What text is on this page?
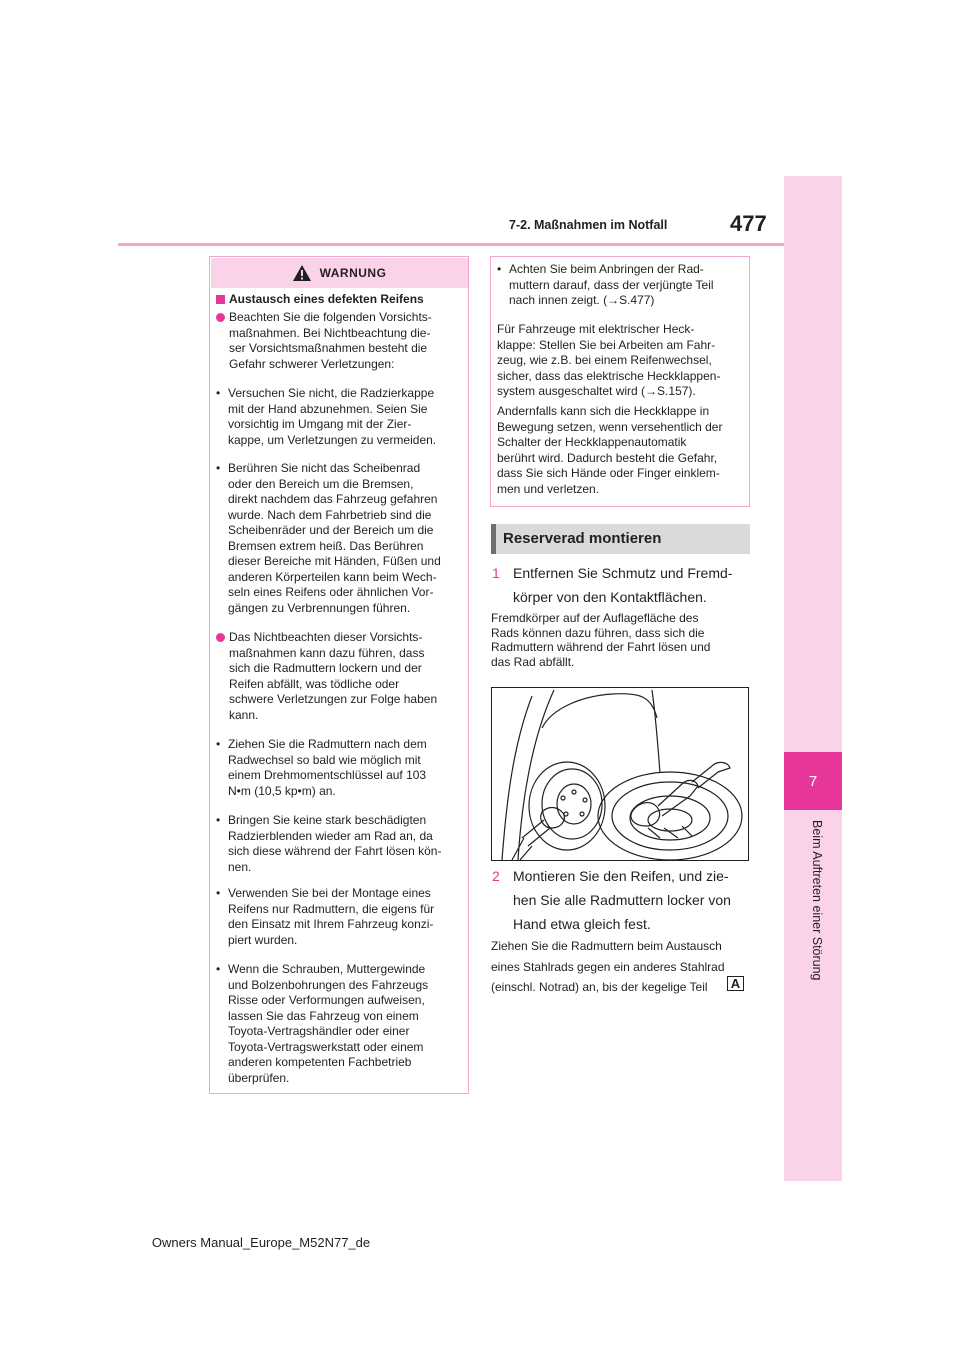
7
Beim Auftreten einer Störung
7-2. Maßnahmen im Notfall	477
WARNUNG
Austausch eines defekten Reifens
Beachten Sie die folgenden Vorsichts-
maßnahmen. Bei Nichtbeachtung die-
ser Vorsichtsmaßnahmen besteht die
Gefahr schwerer Verletzungen:
• Versuchen Sie nicht, die Radzierkappe
mit der Hand abzunehmen. Seien Sie
vorsichtig im Umgang mit der Zier-
kappe, um Verletzungen zu vermeiden.
• Berühren Sie nicht das Scheibenrad
oder den Bereich um die Bremsen,
direkt nachdem das Fahrzeug gefahren
wurde. Nach dem Fahrbetrieb sind die
Scheibenräder und der Bereich um die
Bremsen extrem heiß. Das Berühren
dieser Bereiche mit Händen, Füßen und
anderen Körperteilen kann beim Wech-
seln eines Reifens oder ähnlichen Vor-
gängen zu Verbrennungen führen.
Das Nichtbeachten dieser Vorsichts-
maßnahmen kann dazu führen, dass
sich die Radmuttern lockern und der
Reifen abfällt, was tödliche oder
schwere Verletzungen zur Folge haben
kann.
• Ziehen Sie die Radmuttern nach dem
Radwechsel so bald wie möglich mit
einem Drehmomentschlüssel auf 103
N•m (10,5 kp•m) an.
• Bringen Sie keine stark beschädigten
Radzierblenden wieder am Rad an, da
sich diese während der Fahrt lösen kön-
nen.
• Verwenden Sie bei der Montage eines
Reifens nur Radmuttern, die eigens für
den Einsatz mit Ihrem Fahrzeug konzi-
piert wurden.
• Wenn die Schrauben, Muttergewinde
und Bolzenbohrungen des Fahrzeugs
Risse oder Verformungen aufweisen,
lassen Sie das Fahrzeug von einem
Toyota-Vertragshändler oder einer
Toyota-Vertragswerkstatt oder einem
anderen kompetenten Fachbetrieb
überprüfen.
• Achten Sie beim Anbringen der Rad-
muttern darauf, dass der verjüngte Teil
nach innen zeigt. (→S.477)
Für Fahrzeuge mit elektrischer Heck-
klappe: Stellen Sie bei Arbeiten am Fahr-
zeug, wie z.B. bei einem Reifenwechsel,
sicher, dass das elektrische Heckklappen-
system ausgeschaltet wird (→S.157).
Andernfalls kann sich die Heckklappe in
Bewegung setzen, wenn versehentlich der
Schalter der Heckklappenautomatik
berührt wird. Dadurch besteht die Gefahr,
dass Sie sich Hände oder Finger einklem-
men und verletzen.
Reserverad montieren
1 Entfernen Sie Schmutz und Fremd-
körper von den Kontaktflächen.
Fremdkörper auf der Auflagefläche des
Rads können dazu führen, dass sich die
Radmuttern während der Fahrt lösen und
das Rad abfällt.
2 Montieren Sie den Reifen, und zie-
hen Sie alle Radmuttern locker von
Hand etwa gleich fest.
Ziehen Sie die Radmuttern beim Austausch
eines Stahlrads gegen ein anderes Stahlrad
(einschl. Notrad) an, bis der kegelige Teil	A
Owners Manual_Europe_M52N77_de
